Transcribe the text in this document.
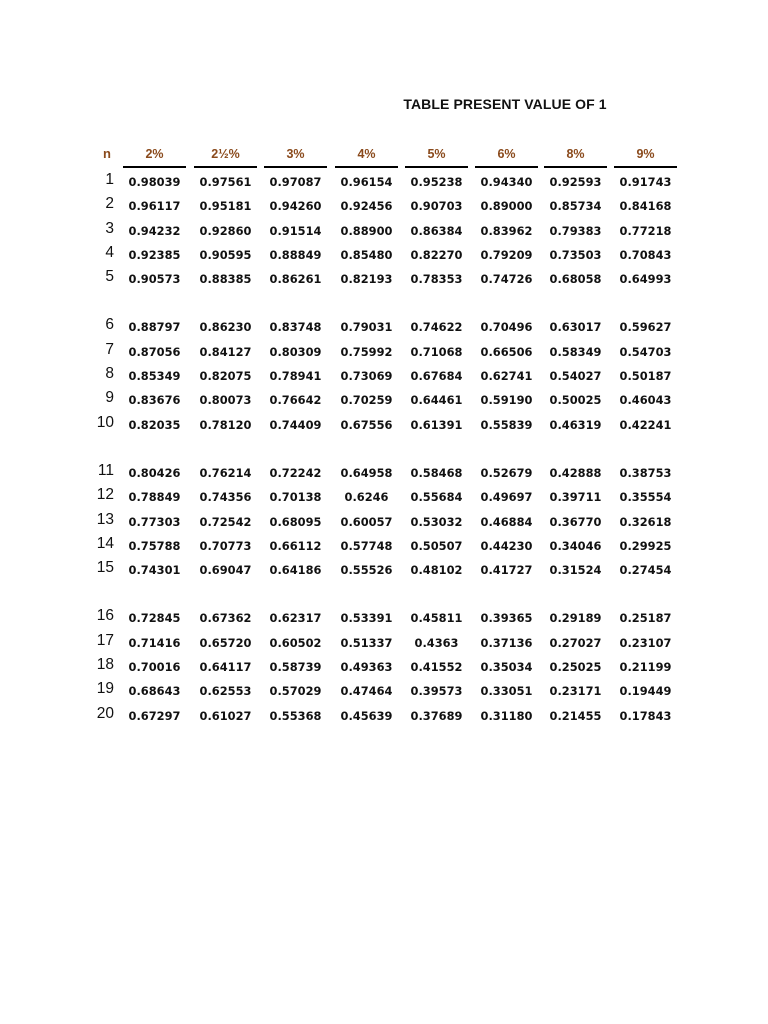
TABLE PRESENT VALUE OF 1
n	2%	2½%	3%	4%	5%	6%	8%	9%
1	0.98039	0.97561	0.97087	0.96154	0.95238	0.94340	0.92593	0.91743
2	0.96117	0.95181	0.94260	0.92456	0.90703	0.89000	0.85734	0.84168
3	0.94232	0.92860	0.91514	0.88900	0.86384	0.83962	0.79383	0.77218
4	0.92385	0.90595	0.88849	0.85480	0.82270	0.79209	0.73503	0.70843
5	0.90573	0.88385	0.86261	0.82193	0.78353	0.74726	0.68058	0.64993
6	0.88797	0.86230	0.83748	0.79031	0.74622	0.70496	0.63017	0.59627
7	0.87056	0.84127	0.80309	0.75992	0.71068	0.66506	0.58349	0.54703
8	0.85349	0.82075	0.78941	0.73069	0.67684	0.62741	0.54027	0.50187
9	0.83676	0.80073	0.76642	0.70259	0.64461	0.59190	0.50025	0.46043
10	0.82035	0.78120	0.74409	0.67556	0.61391	0.55839	0.46319	0.42241
11	0.80426	0.76214	0.72242	0.64958	0.58468	0.52679	0.42888	0.38753
12	0.78849	0.74356	0.70138	0.6246	0.55684	0.49697	0.39711	0.35554
13	0.77303	0.72542	0.68095	0.60057	0.53032	0.46884	0.36770	0.32618
14	0.75788	0.70773	0.66112	0.57748	0.50507	0.44230	0.34046	0.29925
15	0.74301	0.69047	0.64186	0.55526	0.48102	0.41727	0.31524	0.27454
16	0.72845	0.67362	0.62317	0.53391	0.45811	0.39365	0.29189	0.25187
17	0.71416	0.65720	0.60502	0.51337	0.4363	0.37136	0.27027	0.23107
18	0.70016	0.64117	0.58739	0.49363	0.41552	0.35034	0.25025	0.21199
19	0.68643	0.62553	0.57029	0.47464	0.39573	0.33051	0.23171	0.19449
20	0.67297	0.61027	0.55368	0.45639	0.37689	0.31180	0.21455	0.17843
